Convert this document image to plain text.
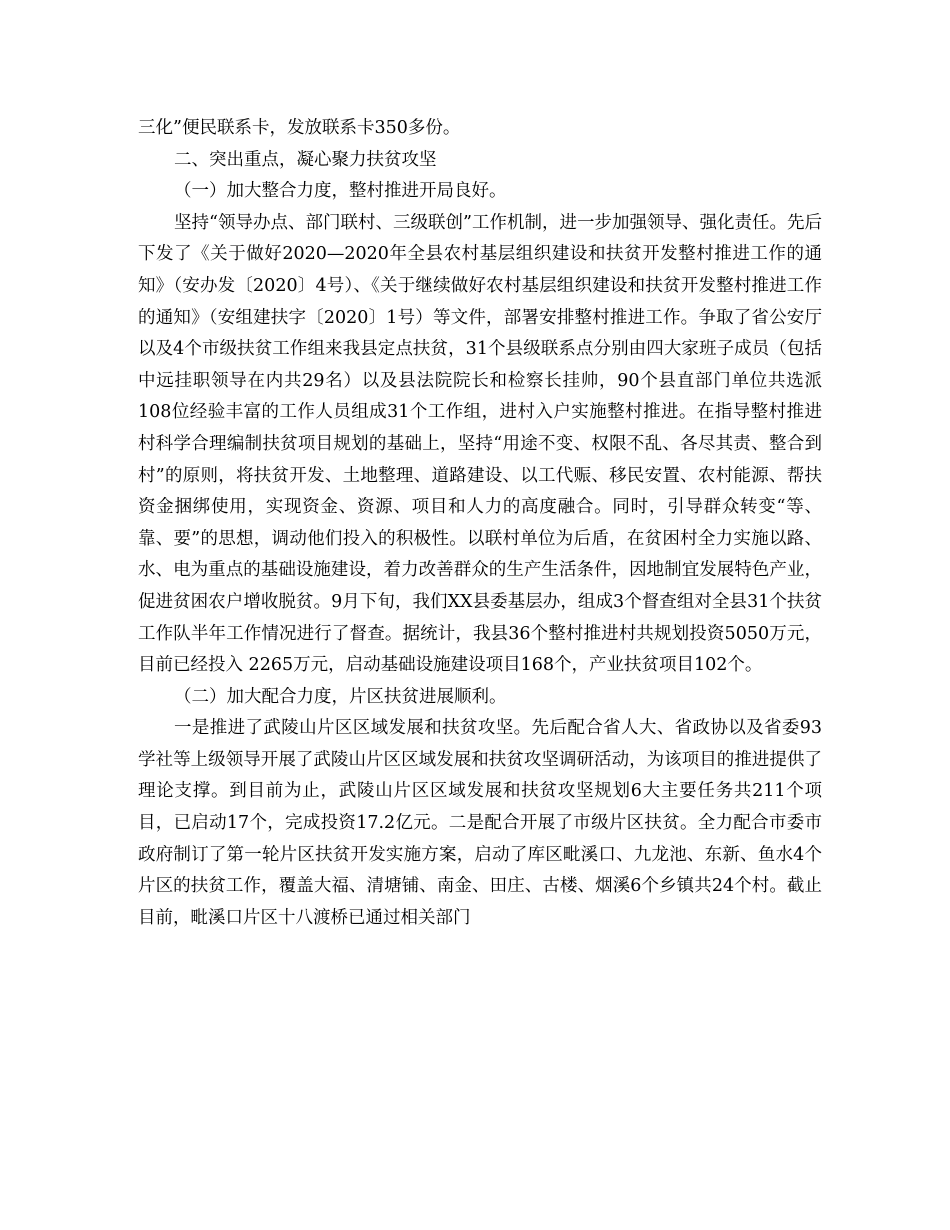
三化”便民联系卡，发放联系卡350多份。

二、突出重点，凝心聚力扶贫攻坚

（一）加大整合力度，整村推进开局良好。

坚持“领导办点、部门联村、三级联创”工作机制，进一步加强领导、强化责任。先后下发了《关于做好2020—2020年全县农村基层组织建设和扶贫开发整村推进工作的通知》（安办发〔2020〕4号）、《关于继续做好农村基层组织建设和扶贫开发整村推进工作的通知》（安组建扶字〔2020〕1号）等文件，部署安排整村推进工作。争取了省公安厅以及4个市级扶贫工作组来我县定点扶贫，31个县级联系点分别由四大家班子成员（包括中远挂职领导在内共29名）以及县法院院长和检察长挂帅，90个县直部门单位共选派108位经验丰富的工作人员组成31个工作组，进村入户实施整村推进。在指导整村推进村科学合理编制扶贫项目规划的基础上，坚持“用途不变、权限不乱、各尽其责、整合到村”的原则，将扶贫开发、土地整理、道路建设、以工代赈、移民安置、农村能源、帮扶资金捆绑使用，实现资金、资源、项目和人力的高度融合。同时，引导群众转变“等、靠、要”的思想，调动他们投入的积极性。以联村单位为后盾，在贫困村全力实施以路、水、电为重点的基础设施建设，着力改善群众的生产生活条件，因地制宜发展特色产业，促进贫困农户增收脱贫。9月下旬，我们XX县委基层办，组成3个督查组对全县31个扶贫工作队半年工作情况进行了督查。据统计，我县36个整村推进村共规划投资5050万元，目前已经投入 2265万元，启动基础设施建设项目168个，产业扶贫项目102个。

（二）加大配合力度，片区扶贫进展顺利。

一是推进了武陵山片区区域发展和扶贫攻坚。先后配合省人大、省政协以及省委93学社等上级领导开展了武陵山片区区域发展和扶贫攻坚调研活动，为该项目的推进提供了理论支撑。到目前为止，武陵山片区区域发展和扶贫攻坚规划6大主要任务共211个项目，已启动17个，完成投资17.2亿元。二是配合开展了市级片区扶贫。全力配合市委市政府制订了第一轮片区扶贫开发实施方案，启动了库区毗溪口、九龙池、东新、鱼水4个片区的扶贫工作，覆盖大福、清塘铺、南金、田庄、古楼、烟溪6个乡镇共24个村。截止目前，毗溪口片区十八渡桥已通过相关部门
